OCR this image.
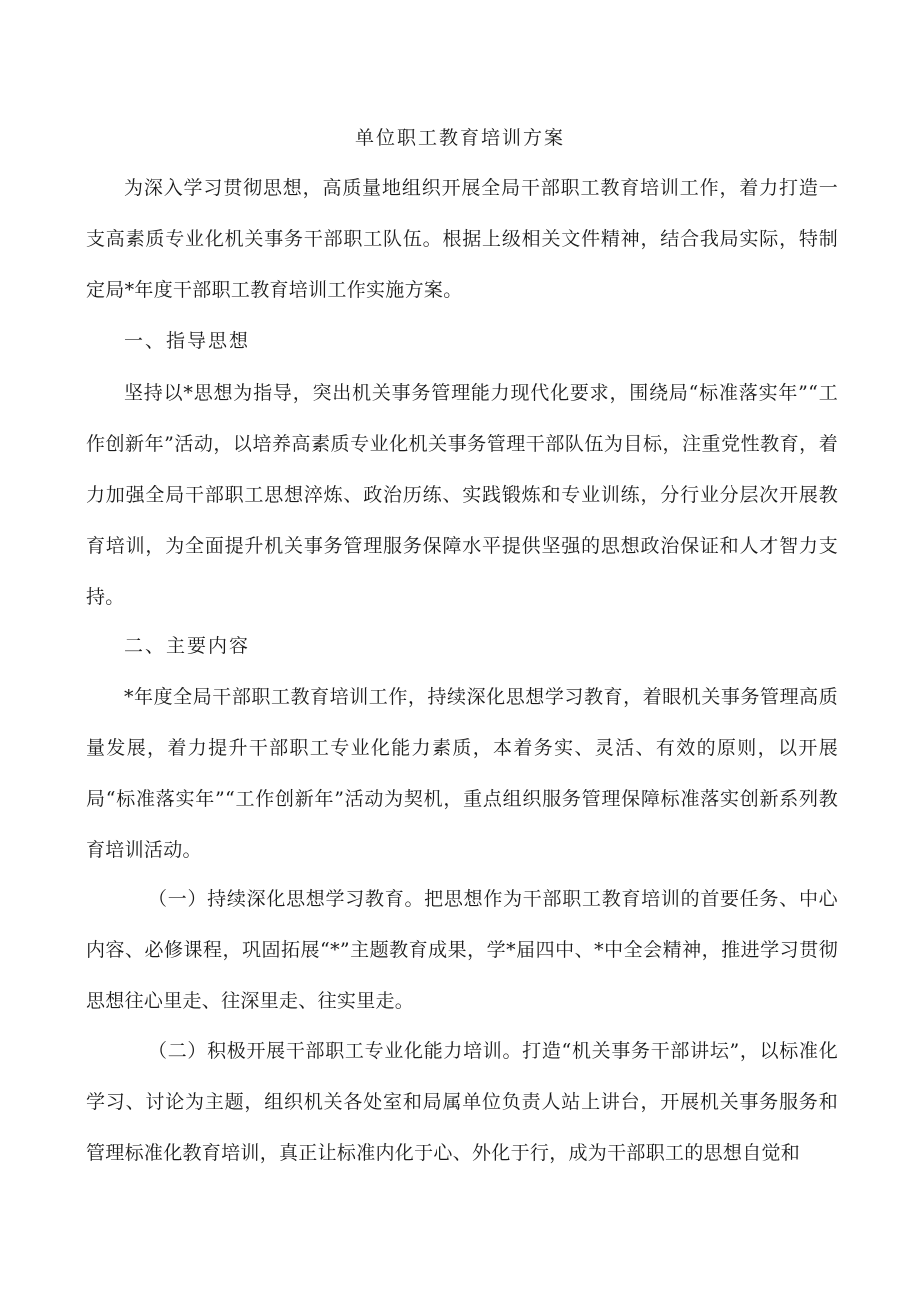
单位职工教育培训方案

为深入学习贯彻思想，高质量地组织开展全局干部职工教育培训工作，着力打造一支高素质专业化机关事务干部职工队伍。根据上级相关文件精神，结合我局实际，特制定局*年度干部职工教育培训工作实施方案。

一、指导思想

坚持以*思想为指导，突出机关事务管理能力现代化要求，围绕局“标准落实年”“工作创新年”活动，以培养高素质专业化机关事务管理干部队伍为目标，注重党性教育，着力加强全局干部职工思想淬炼、政治历练、实践锻炼和专业训练，分行业分层次开展教育培训，为全面提升机关事务管理服务保障水平提供坚强的思想政治保证和人才智力支持。

二、主要内容

*年度全局干部职工教育培训工作，持续深化思想学习教育，着眼机关事务管理高质量发展，着力提升干部职工专业化能力素质，本着务实、灵活、有效的原则，以开展局“标准落实年”“工作创新年”活动为契机，重点组织服务管理保障标准落实创新系列教育培训活动。

（一）持续深化思想学习教育。把思想作为干部职工教育培训的首要任务、中心内容、必修课程，巩固拓展“*”主题教育成果，学*届四中、*中全会精神，推进学习贯彻思想往心里走、往深里走、往实里走。

（二）积极开展干部职工专业化能力培训。打造“机关事务干部讲坛”，以标准化学习、讨论为主题，组织机关各处室和局属单位负责人站上讲台，开展机关事务服务和管理标准化教育培训，真正让标准内化于心、外化于行，成为干部职工的思想自觉和
